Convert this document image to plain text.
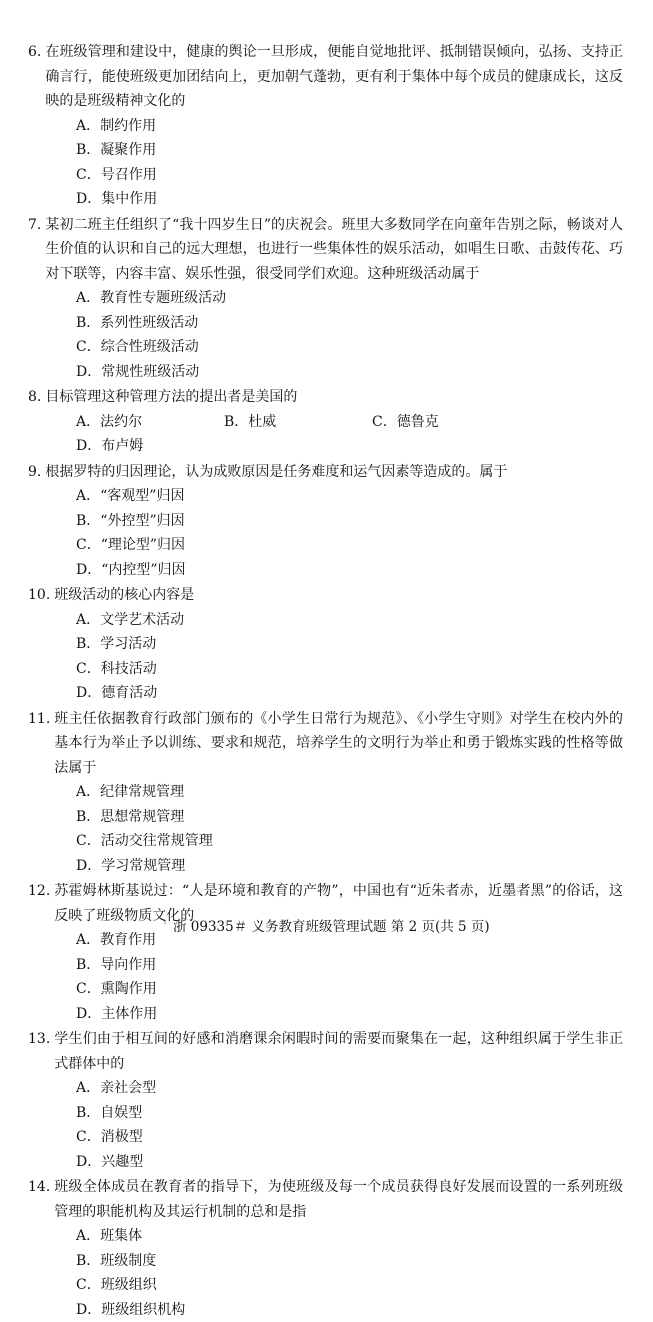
6. 在班级管理和建设中，健康的舆论一旦形成，便能自觉地批评、抵制错误倾向，弘扬、支持正确言行，能使班级更加团结向上，更加朝气蓬勃，更有利于集体中每个成员的健康成长，这反映的是班级精神文化的
A．制约作用
B．凝聚作用
C．号召作用
D．集中作用
7. 某初二班主任组织了“我十四岁生日”的庆祝会。班里大多数同学在向童年告别之际，畅谈对人生价值的认识和自己的远大理想，也进行一些集体性的娱乐活动，如唱生日歌、击鼓传花、巧对下联等，内容丰富、娱乐性强，很受同学们欢迎。这种班级活动属于
A．教育性专题班级活动
B．系列性班级活动
C．综合性班级活动
D．常规性班级活动
8. 目标管理这种管理方法的提出者是美国的
A．法约尔	B．杜威	C．德鲁克
D．布卢姆
9. 根据罗特的归因理论，认为成败原因是任务难度和运气因素等造成的。属于
A．“客观型”归因
B．“外控型”归因
C．“理论型”归因
D．“内控型”归因
10. 班级活动的核心内容是
A．文学艺术活动
B．学习活动
C．科技活动
D．德育活动
11. 班主任依据教育行政部门颁布的《小学生日常行为规范》、《小学生守则》对学生在校内外的基本行为举止予以训练、要求和规范，培养学生的文明行为举止和勇于锻炼实践的性格等做法属于
A．纪律常规管理
B．思想常规管理
C．活动交往常规管理
D．学习常规管理
12. 苏霍姆林斯基说过：“人是环境和教育的产物”，中国也有“近朱者赤，近墨者黑”的俗话，这反映了班级物质文化的
A．教育作用
B．导向作用
C．熏陶作用
D．主体作用
13. 学生们由于相互间的好感和消磨课余闲暇时间的需要而聚集在一起，这种组织属于学生非正式群体中的
A．亲社会型
B．自娱型
C．消极型
D．兴趣型
14. 班级全体成员在教育者的指导下，为使班级及每一个成员获得良好发展而设置的一系列班级管理的职能机构及其运行机制的总和是指
A．班集体
B．班级制度
C．班级组织
D．班级组织机构
' 浙 09335＃ 义务教育班级管理试题 第 2 页(共 5 页)
